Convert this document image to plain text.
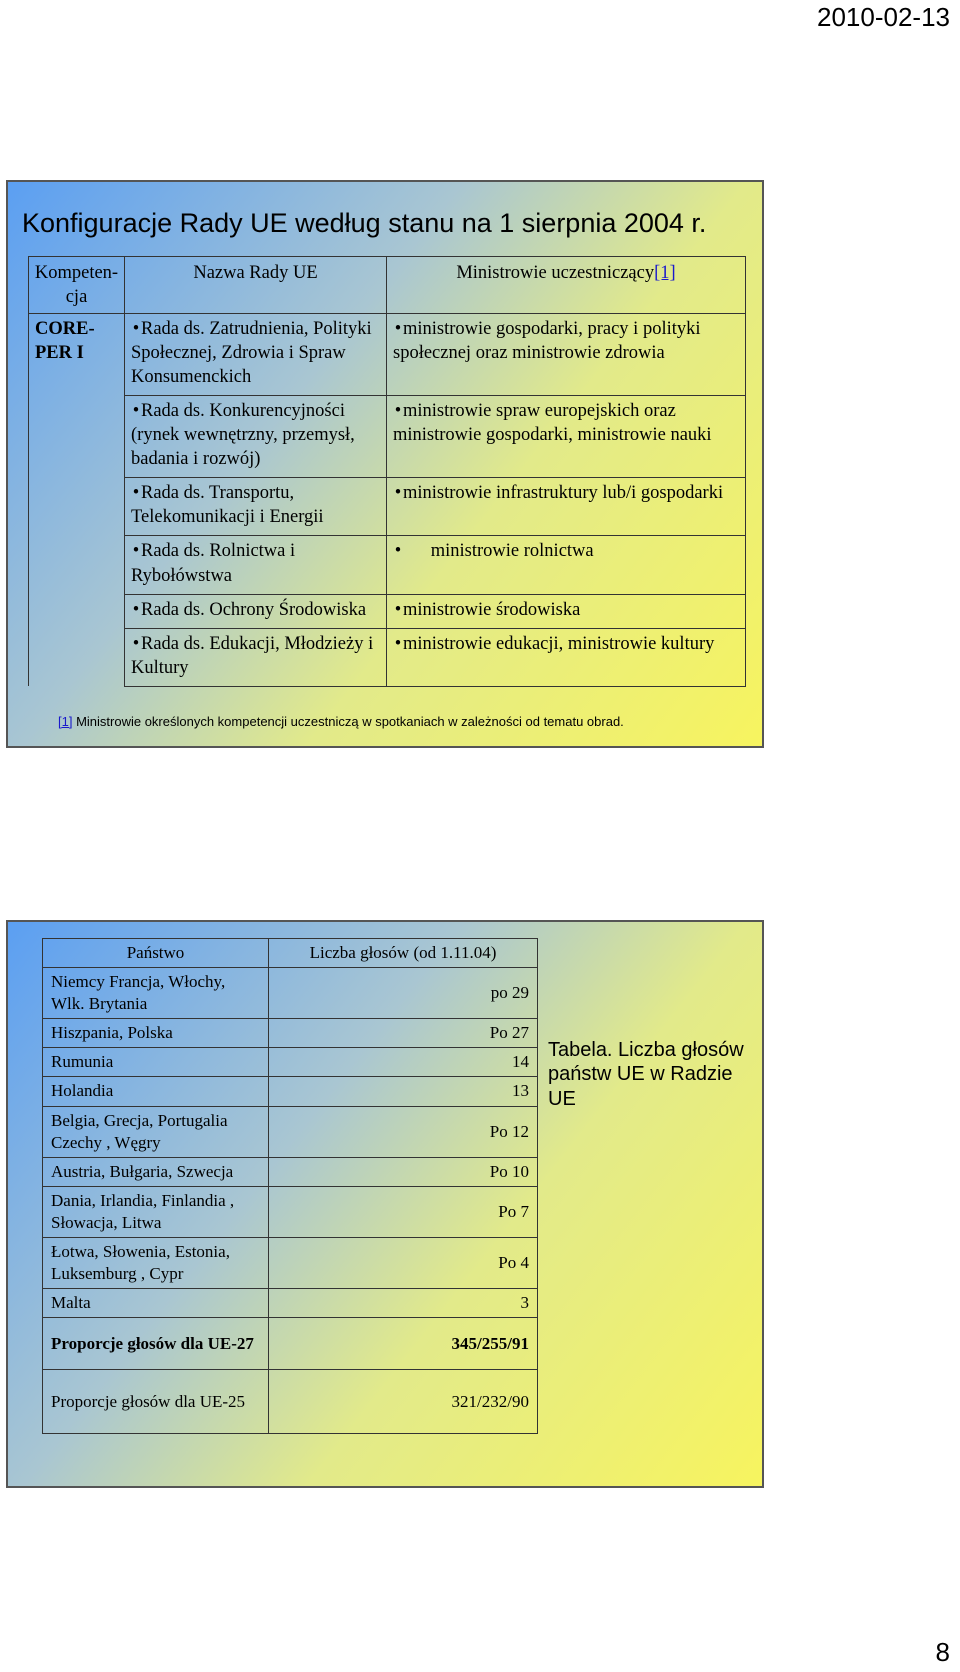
2010-02-13
Konfiguracje Rady UE według stanu na 1 sierpnia 2004 r.
Kompeten-cja	Nazwa Rady UE	Ministrowie uczestniczący[1]
CORE-PER I	•Rada ds. Zatrudnienia, Polityki Społecznej, Zdrowia i Spraw Konsumenckich	•ministrowie gospodarki, pracy i polityki społecznej oraz ministrowie zdrowia
	•Rada ds. Konkurencyjności (rynek wewnętrzny, przemysł, badania i rozwój)	•ministrowie spraw europejskich oraz ministrowie gospodarki, ministrowie nauki
	•Rada ds. Transportu, Telekomunikacji i Energii	•ministrowie infrastruktury lub/i gospodarki
	•Rada ds. Rolnictwa i Rybołówstwa	• ministrowie rolnictwa
	•Rada ds. Ochrony Środowiska	•ministrowie środowiska
	•Rada ds. Edukacji, Młodzieży i Kultury	•ministrowie edukacji, ministrowie kultury
[1] Ministrowie określonych kompetencji uczestniczą w spotkaniach w zależności od tematu obrad.
Państwo	Liczba głosów (od 1.11.04)
Niemcy Francja, Włochy, Wlk. Brytania	po 29
Hiszpania, Polska	Po 27
Rumunia	14
Holandia	13
Belgia, Grecja, Portugalia Czechy , Węgry	Po 12
Austria, Bułgaria, Szwecja	Po 10
Dania, Irlandia, Finlandia , Słowacja, Litwa	Po 7
Łotwa, Słowenia, Estonia, Luksemburg , Cypr	Po 4
Malta	3
Proporcje głosów dla UE-27	345/255/91
Proporcje głosów dla UE-25	321/232/90
Tabela. Liczba głosów państw UE w Radzie UE
8
